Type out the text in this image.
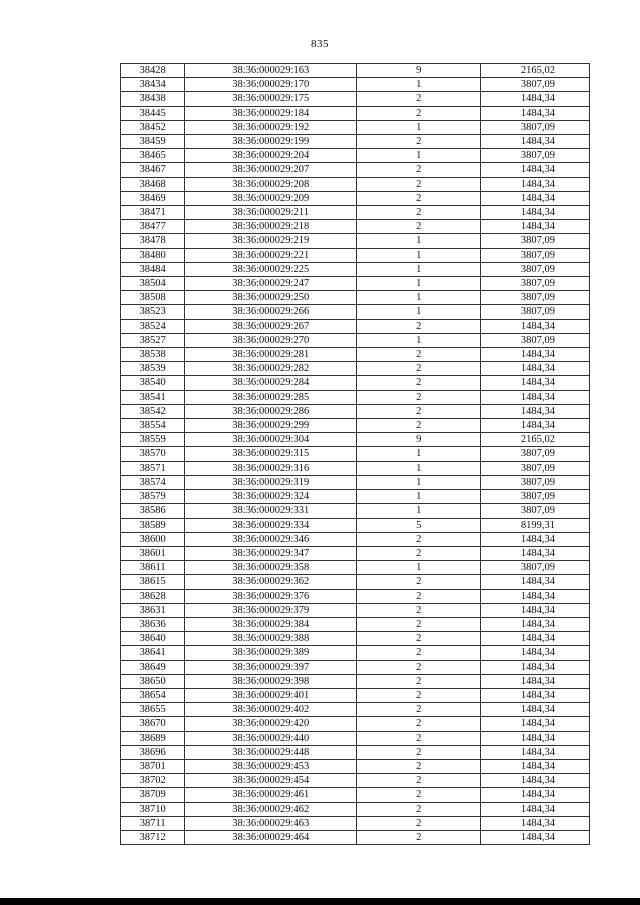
835
38428	38:36:000029:163	9	2165,02
38434	38:36:000029:170	1	3807,09
38438	38:36:000029:175	2	1484,34
38445	38:36:000029:184	2	1484,34
38452	38:36:000029:192	1	3807,09
38459	38:36:000029:199	2	1484,34
38465	38:36:000029:204	1	3807,09
38467	38:36:000029:207	2	1484,34
38468	38:36:000029:208	2	1484,34
38469	38:36:000029:209	2	1484,34
38471	38:36:000029:211	2	1484,34
38477	38:36:000029:218	2	1484,34
38478	38:36:000029:219	1	3807,09
38480	38:36:000029:221	1	3807,09
38484	38:36:000029:225	1	3807,09
38504	38:36:000029:247	1	3807,09
38508	38:36:000029:250	1	3807,09
38523	38:36:000029:266	1	3807,09
38524	38:36:000029:267	2	1484,34
38527	38:36:000029:270	1	3807,09
38538	38:36:000029:281	2	1484,34
38539	38:36:000029:282	2	1484,34
38540	38:36:000029:284	2	1484,34
38541	38:36:000029:285	2	1484,34
38542	38:36:000029:286	2	1484,34
38554	38:36:000029:299	2	1484,34
38559	38:36:000029:304	9	2165,02
38570	38:36:000029:315	1	3807,09
38571	38:36:000029:316	1	3807,09
38574	38:36:000029:319	1	3807,09
38579	38:36:000029:324	1	3807,09
38586	38:36:000029:331	1	3807,09
38589	38:36:000029:334	5	8199,31
38600	38:36:000029:346	2	1484,34
38601	38:36:000029:347	2	1484,34
38611	38:36:000029:358	1	3807,09
38615	38:36:000029:362	2	1484,34
38628	38:36:000029:376	2	1484,34
38631	38:36:000029:379	2	1484,34
38636	38:36:000029:384	2	1484,34
38640	38:36:000029:388	2	1484,34
38641	38:36:000029:389	2	1484,34
38649	38:36:000029:397	2	1484,34
38650	38:36:000029:398	2	1484,34
38654	38:36:000029:401	2	1484,34
38655	38:36:000029:402	2	1484,34
38670	38:36:000029:420	2	1484,34
38689	38:36:000029:440	2	1484,34
38696	38:36:000029:448	2	1484,34
38701	38:36:000029:453	2	1484,34
38702	38:36:000029:454	2	1484,34
38709	38:36:000029:461	2	1484,34
38710	38:36:000029:462	2	1484,34
38711	38:36:000029:463	2	1484,34
38712	38:36:000029:464	2	1484,34
